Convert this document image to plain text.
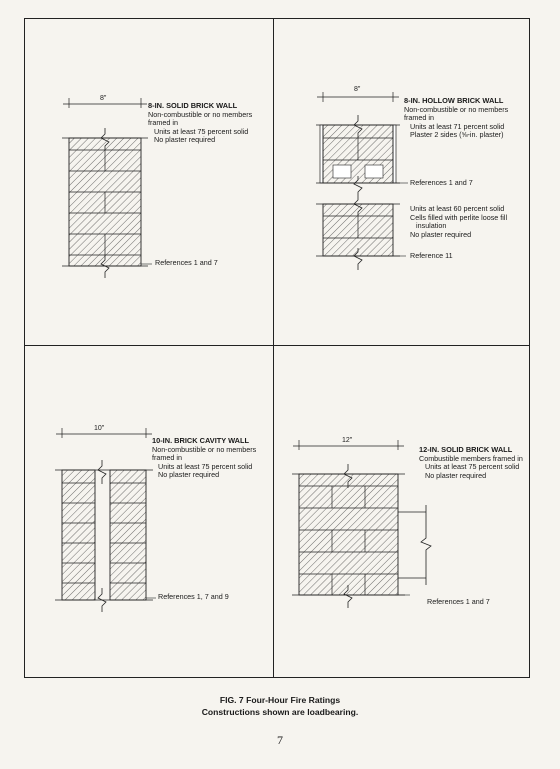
8"
8-IN. SOLID BRICK WALL
Non-combustible or no members
framed in
Units at least 75 percent solid
No plaster required
References 1 and 7
8"
8-IN. HOLLOW BRICK WALL
Non-combustible or no members
framed in
Units at least 71 percent solid
Plaster 2 sides (⅝-in. plaster)
References 1 and 7
Units at least 60 percent solid
Cells filled with perlite loose fill
insulation
No plaster required
Reference 11
10"
10-IN. BRICK CAVITY WALL
Non-combustible or no members
framed in
Units at least 75 percent solid
No plaster required
References 1, 7 and 9
12"
12-IN. SOLID BRICK WALL
Combustible members framed in
Units at least 75 percent solid
No plaster required
References 1 and 7
FIG. 7 Four-Hour Fire Ratings
Constructions shown are loadbearing.
7
